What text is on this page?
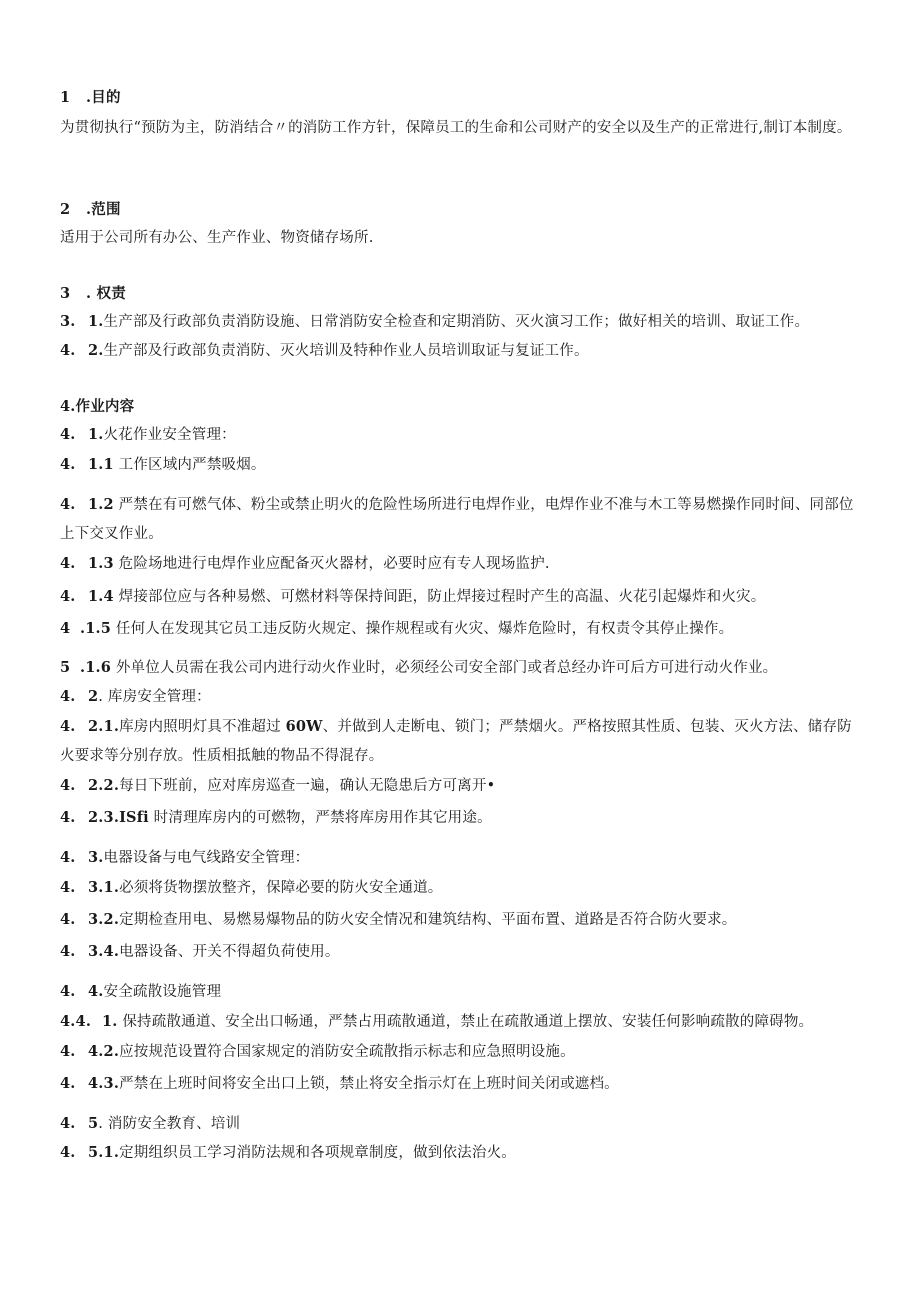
1 .目的
为贯彻执行“预防为主，防消结合〃的消防工作方针，保障员工的生命和公司财产的安全以及生产的正常进行,制订本制度。
2 .范围
适用于公司所有办公、生产作业、物资储存场所.
3 . 权责
3. 1.生产部及行政部负责消防设施、日常消防安全检查和定期消防、灭火演习工作；做好相关的培训、取证工作。
4. 2.生产部及行政部负责消防、灭火培训及特种作业人员培训取证与复证工作。
4.作业内容
4. 1.火花作业安全管理：
4. 1.1 工作区域内严禁吸烟。
4. 1.2 严禁在有可燃气体、粉尘或禁止明火的危险性场所进行电焊作业，电焊作业不准与木工等易燃操作同时间、同部位上下交叉作业。
4. 1.3 危险场地进行电焊作业应配备灭火器材，必要时应有专人现场监护.
4. 1.4 焊接部位应与各种易燃、可燃材料等保持间距，防止焊接过程时产生的高温、火花引起爆炸和火灾。
4 .1.5 任何人在发现其它员工违反防火规定、操作规程或有火灾、爆炸危险时，有权责令其停止操作。
5 .1.6 外单位人员需在我公司内进行动火作业时，必须经公司安全部门或者总经办许可后方可进行动火作业。
4. 2. 库房安全管理：
4. 2.1.库房内照明灯具不准超过 60W、并做到人走断电、锁门；严禁烟火。严格按照其性质、包装、灭火方法、储存防火要求等分别存放。性质相抵触的物品不得混存。
4. 2.2.每日下班前，应对库房巡查一遍，确认无隐患后方可离开•
4. 2.3.ISfi 时清理库房内的可燃物，严禁将库房用作其它用途。
4. 3.电器设备与电气线路安全管理：
4. 3.1.必须将货物摆放整齐，保障必要的防火安全通道。
4. 3.2.定期检查用电、易燃易爆物品的防火安全情况和建筑结构、平面布置、道路是否符合防火要求。
4. 3.4.电器设备、开关不得超负荷使用。
4. 4.安全疏散设施管理
4.4. 1. 保持疏散通道、安全出口畅通，严禁占用疏散通道，禁止在疏散通道上摆放、安装任何影响疏散的障碍物。
4. 4.2.应按规范设置符合国家规定的消防安全疏散指示标志和应急照明设施。
4. 4.3.严禁在上班时间将安全出口上锁，禁止将安全指示灯在上班时间关闭或遮档。
4. 5. 消防安全教育、培训
4. 5.1.定期组织员工学习消防法规和各项规章制度，做到依法治火。
